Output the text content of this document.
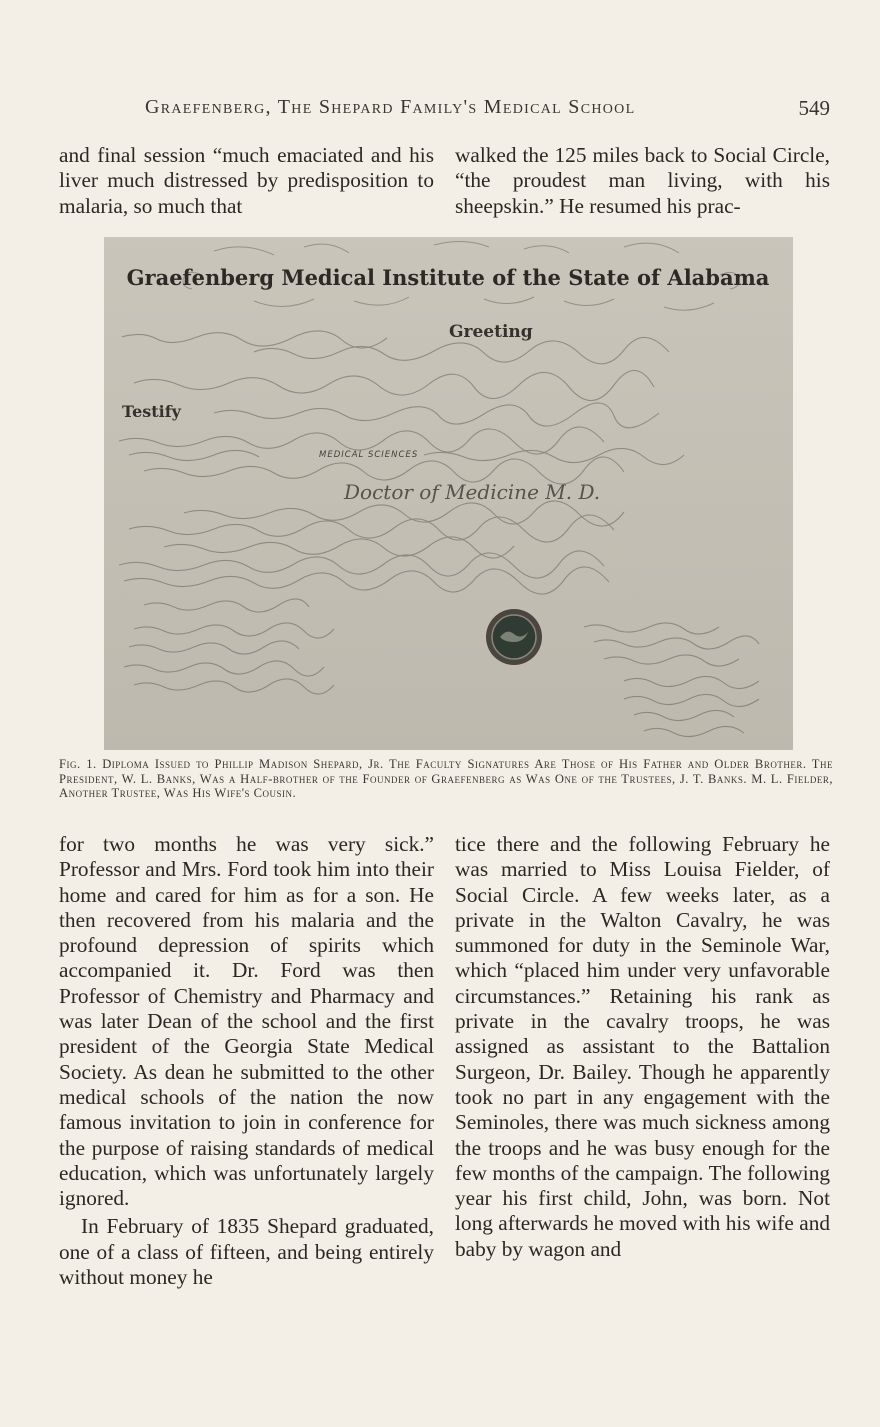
Graefenberg, The Shepard Family's Medical School	549

and final session “much emaciated and his liver much distressed by predisposition to malaria, so much that

walked the 125 miles back to Social Circle, “the proudest man living, with his sheepskin.” He resumed his prac-

Graefenberg Medical Institute of the State of Alabama
Greeting
Testify
MEDICAL SCIENCES
Doctor of Medicine M. D.
Fig. 1. Diploma Issued to Phillip Madison Shepard, Jr. The Faculty Signatures Are Those of His Father and Older Brother. The President, W. L. Banks, Was a Half-brother of the Founder of Graefenberg as Was One of the Trustees, J. T. Banks. M. L. Fielder, Another Trustee, Was His Wife's Cousin.

for two months he was very sick.” Professor and Mrs. Ford took him into their home and cared for him as for a son. He then recovered from his malaria and the profound depression of spirits which accompanied it. Dr. Ford was then Professor of Chemistry and Pharmacy and was later Dean of the school and the first president of the Georgia State Medical Society. As dean he submitted to the other medical schools of the nation the now famous invitation to join in conference for the purpose of raising standards of medical education, which was unfortunately largely ignored.

In February of 1835 Shepard graduated, one of a class of fifteen, and being entirely without money he

tice there and the following February he was married to Miss Louisa Fielder, of Social Circle. A few weeks later, as a private in the Walton Cavalry, he was summoned for duty in the Seminole War, which “placed him under very unfavorable circumstances.” Retaining his rank as private in the cavalry troops, he was assigned as assistant to the Battalion Surgeon, Dr. Bailey. Though he apparently took no part in any engagement with the Seminoles, there was much sickness among the troops and he was busy enough for the few months of the campaign. The following year his first child, John, was born. Not long afterwards he moved with his wife and baby by wagon and
